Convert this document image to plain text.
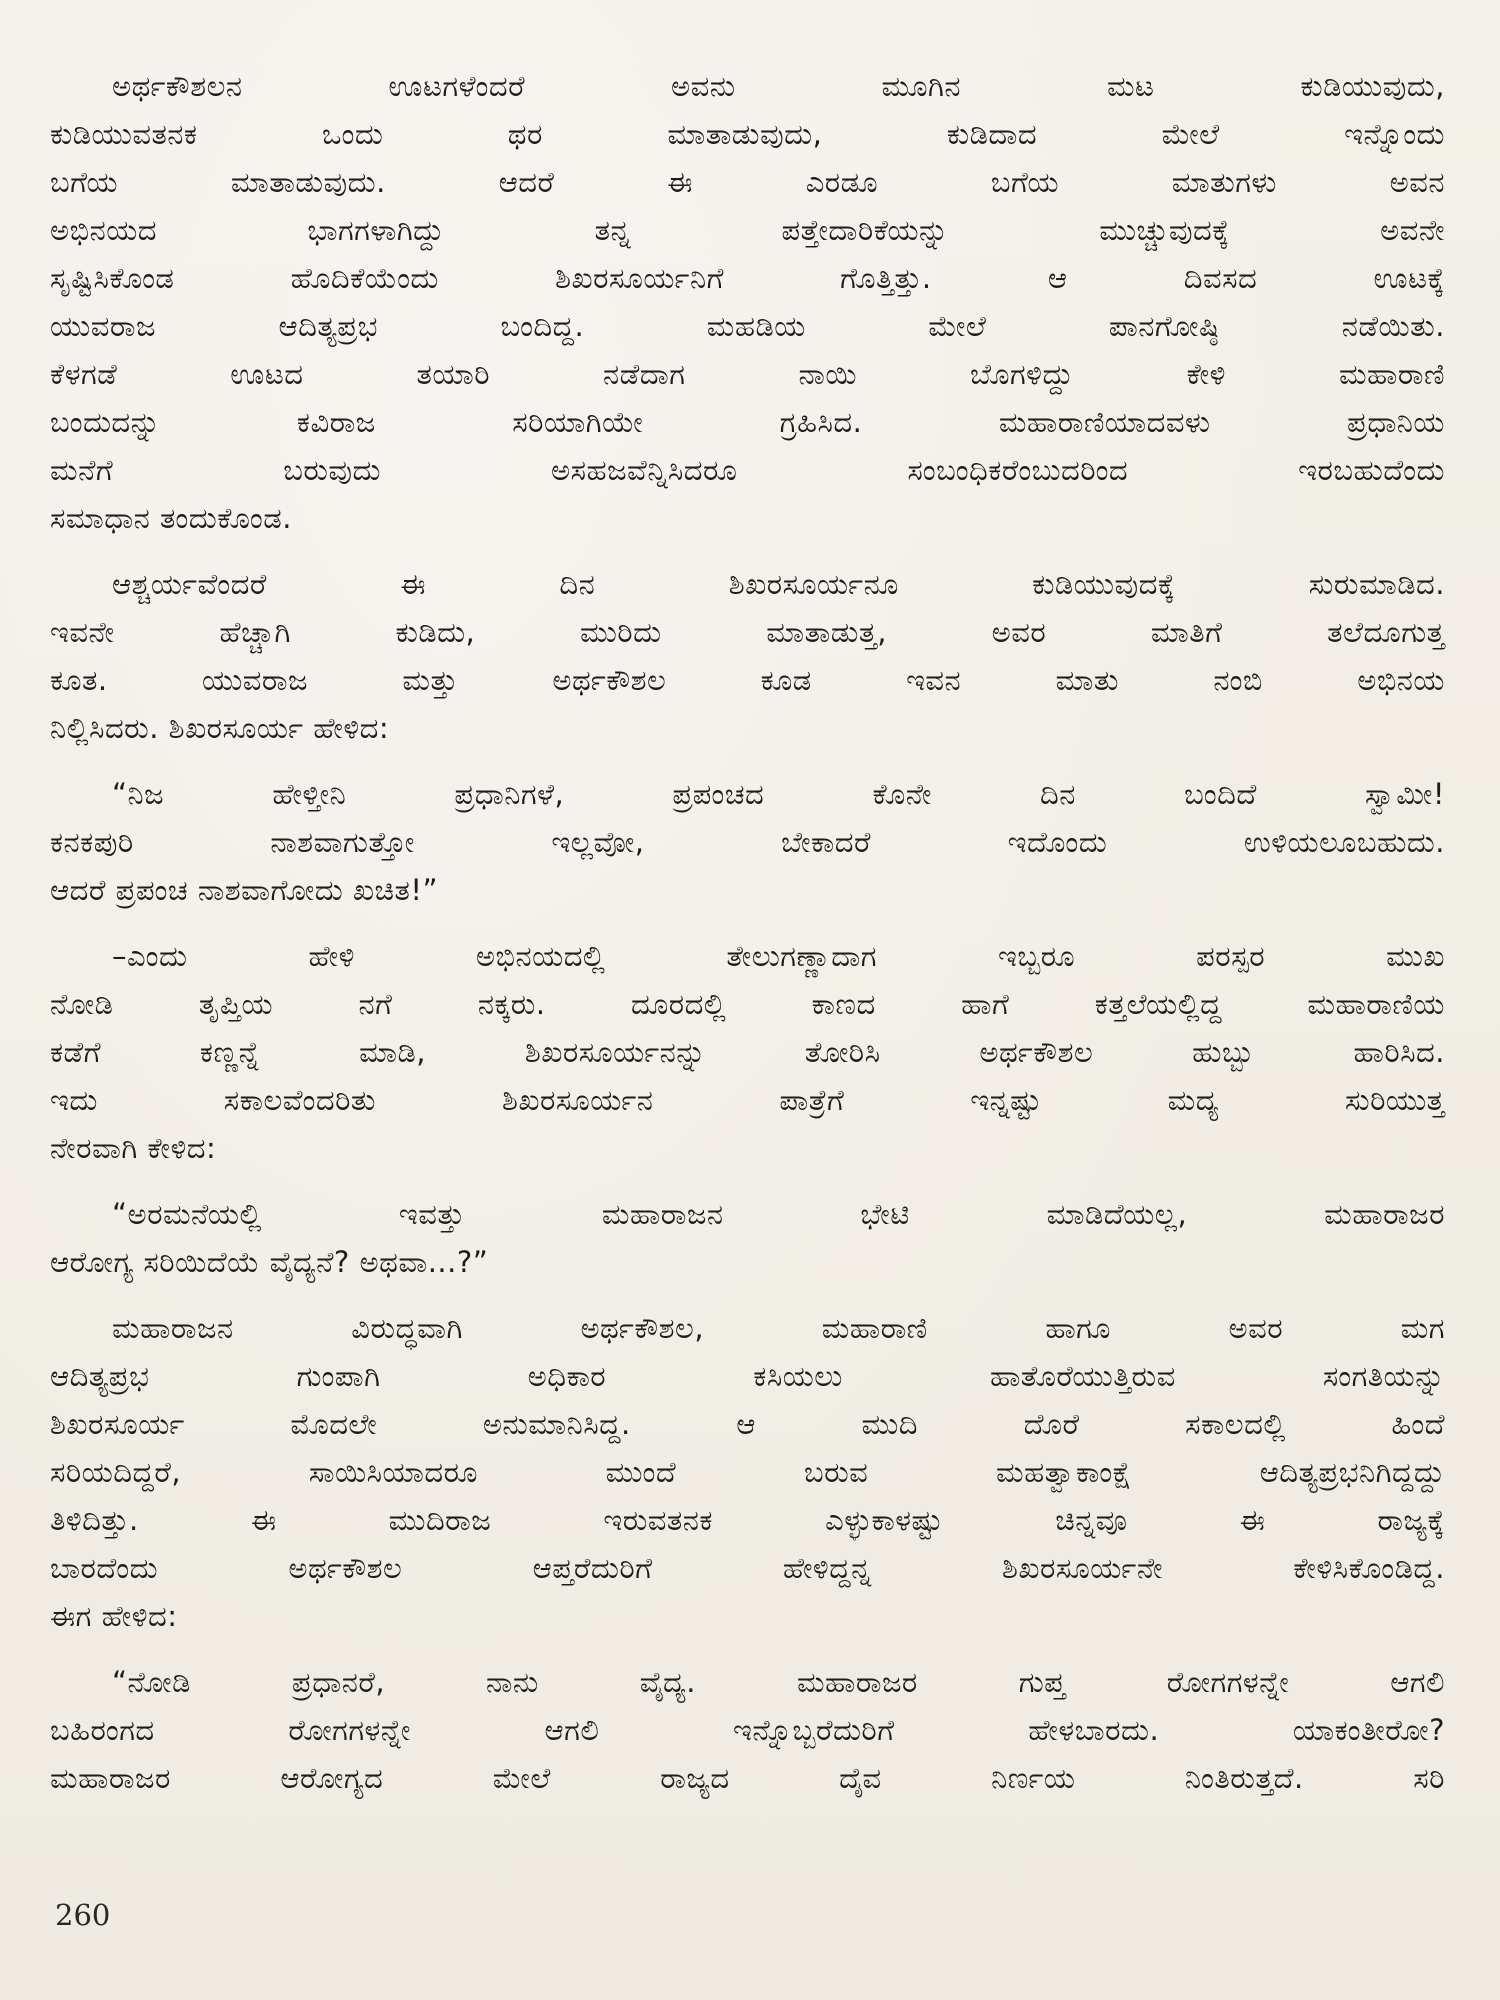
ಅರ್ಥಕೌಶಲನ ಊಟಗಳೆಂದರೆ ಅವನು ಮೂಗಿನ ಮಟ ಕುಡಿಯುವುದು,
ಕುಡಿಯುವತನಕ ಒಂದು ಥರ ಮಾತಾಡುವುದು, ಕುಡಿದಾದ ಮೇಲೆ ಇನ್ನೊಂದು
ಬಗೆಯ ಮಾತಾಡುವುದು. ಆದರೆ ಈ ಎರಡೂ ಬಗೆಯ ಮಾತುಗಳು ಅವನ
ಅಭಿನಯದ ಭಾಗಗಳಾಗಿದ್ದು ತನ್ನ ಪತ್ತೇದಾರಿಕೆಯನ್ನು ಮುಚ್ಚುವುದಕ್ಕೆ ಅವನೇ
ಸೃಷ್ಟಿಸಿಕೊಂಡ ಹೊದಿಕೆಯೆಂದು ಶಿಖರಸೂರ್ಯನಿಗೆ ಗೊತ್ತಿತ್ತು. ಆ ದಿವಸದ ಊಟಕ್ಕೆ
ಯುವರಾಜ ಆದಿತ್ಯಪ್ರಭ ಬಂದಿದ್ದ. ಮಹಡಿಯ ಮೇಲೆ ಪಾನಗೋಷ್ಠಿ ನಡೆಯಿತು.
ಕೆಳಗಡೆ ಊಟದ ತಯಾರಿ ನಡೆದಾಗ ನಾಯಿ ಬೊಗಳಿದ್ದು ಕೇಳಿ ಮಹಾರಾಣಿ
ಬಂದುದನ್ನು ಕವಿರಾಜ ಸರಿಯಾಗಿಯೇ ಗ್ರಹಿಸಿದ. ಮಹಾರಾಣಿಯಾದವಳು ಪ್ರಧಾನಿಯ
ಮನೆಗೆ ಬರುವುದು ಅಸಹಜವೆನ್ನಿಸಿದರೂ ಸಂಬಂಧಿಕರೆಂಬುದರಿಂದ ಇರಬಹುದೆಂದು
ಸಮಾಧಾನ ತಂದುಕೊಂಡ.
ಆಶ್ಚರ್ಯವೆಂದರೆ ಈ ದಿನ ಶಿಖರಸೂರ್ಯನೂ ಕುಡಿಯುವುದಕ್ಕೆ ಸುರುಮಾಡಿದ.
ಇವನೇ ಹೆಚ್ಚಾಗಿ ಕುಡಿದು, ಮುರಿದು ಮಾತಾಡುತ್ತ, ಅವರ ಮಾತಿಗೆ ತಲೆದೂಗುತ್ತ
ಕೂತ. ಯುವರಾಜ ಮತ್ತು ಅರ್ಥಕೌಶಲ ಕೂಡ ಇವನ ಮಾತು ನಂಬಿ ಅಭಿನಯ
ನಿಲ್ಲಿಸಿದರು. ಶಿಖರಸೂರ್ಯ ಹೇಳಿದ:
“ನಿಜ ಹೇಳ್ತೀನಿ ಪ್ರಧಾನಿಗಳೆ, ಪ್ರಪಂಚದ ಕೊನೇ ದಿನ ಬಂದಿದೆ ಸ್ವಾಮೀ!
ಕನಕಪುರಿ ನಾಶವಾಗುತ್ತೋ ಇಲ್ಲವೋ, ಬೇಕಾದರೆ ಇದೊಂದು ಉಳಿಯಲೂಬಹುದು.
ಆದರೆ ಪ್ರಪಂಚ ನಾಶವಾಗೋದು ಖಚಿತ!”
–ಎಂದು ಹೇಳಿ ಅಭಿನಯದಲ್ಲಿ ತೇಲುಗಣ್ಣಾದಾಗ ಇಬ್ಬರೂ ಪರಸ್ಪರ ಮುಖ
ನೋಡಿ ತೃಪ್ತಿಯ ನಗೆ ನಕ್ಕರು. ದೂರದಲ್ಲಿ ಕಾಣದ ಹಾಗೆ ಕತ್ತಲೆಯಲ್ಲಿದ್ದ ಮಹಾರಾಣಿಯ
ಕಡೆಗೆ ಕಣ್ಣನ್ನೆ ಮಾಡಿ, ಶಿಖರಸೂರ್ಯನನ್ನು ತೋರಿಸಿ ಅರ್ಥಕೌಶಲ ಹುಬ್ಬು ಹಾರಿಸಿದ.
ಇದು ಸಕಾಲವೆಂದರಿತು ಶಿಖರಸೂರ್ಯನ ಪಾತ್ರೆಗೆ ಇನ್ನಷ್ಟು ಮದ್ಯ ಸುರಿಯುತ್ತ
ನೇರವಾಗಿ ಕೇಳಿದ:
“ಅರಮನೆಯಲ್ಲಿ ಇವತ್ತು ಮಹಾರಾಜನ ಭೇಟಿ ಮಾಡಿದೆಯಲ್ಲ, ಮಹಾರಾಜರ
ಆರೋಗ್ಯ ಸರಿಯಿದೆಯೆ ವೈದ್ಯನೆ? ಅಥವಾ...?”
ಮಹಾರಾಜನ ವಿರುದ್ಧವಾಗಿ ಅರ್ಥಕೌಶಲ, ಮಹಾರಾಣಿ ಹಾಗೂ ಅವರ ಮಗ
ಆದಿತ್ಯಪ್ರಭ ಗುಂಪಾಗಿ ಅಧಿಕಾರ ಕಸಿಯಲು ಹಾತೊರೆಯುತ್ತಿರುವ ಸಂಗತಿಯನ್ನು
ಶಿಖರಸೂರ್ಯ ಮೊದಲೇ ಅನುಮಾನಿಸಿದ್ದ. ಆ ಮುದಿ ದೊರೆ ಸಕಾಲದಲ್ಲಿ ಹಿಂದೆ
ಸರಿಯದಿದ್ದರೆ, ಸಾಯಿಸಿಯಾದರೂ ಮುಂದೆ ಬರುವ ಮಹತ್ವಾಕಾಂಕ್ಷೆ ಆದಿತ್ಯಪ್ರಭನಿಗಿದ್ದದ್ದು
ತಿಳಿದಿತ್ತು. ಈ ಮುದಿರಾಜ ಇರುವತನಕ ಎಳ್ಳುಕಾಳಷ್ಟು ಚಿನ್ನವೂ ಈ ರಾಜ್ಯಕ್ಕೆ
ಬಾರದೆಂದು ಅರ್ಥಕೌಶಲ ಆಪ್ತರೆದುರಿಗೆ ಹೇಳಿದ್ದನ್ನ ಶಿಖರಸೂರ್ಯನೇ ಕೇಳಿಸಿಕೊಂಡಿದ್ದ.
ಈಗ ಹೇಳಿದ:
“ನೋಡಿ ಪ್ರಧಾನರೆ, ನಾನು ವೈದ್ಯ. ಮಹಾರಾಜರ ಗುಪ್ತ ರೋಗಗಳನ್ನೇ ಆಗಲಿ
ಬಹಿರಂಗದ ರೋಗಗಳನ್ನೇ ಆಗಲಿ ಇನ್ನೊಬ್ಬರೆದುರಿಗೆ ಹೇಳಬಾರದು. ಯಾಕಂತೀರೋ?
ಮಹಾರಾಜರ ಆರೋಗ್ಯದ ಮೇಲೆ ರಾಜ್ಯದ ದೈವ ನಿರ್ಣಯ ನಿಂತಿರುತ್ತದೆ. ಸರಿ
260
